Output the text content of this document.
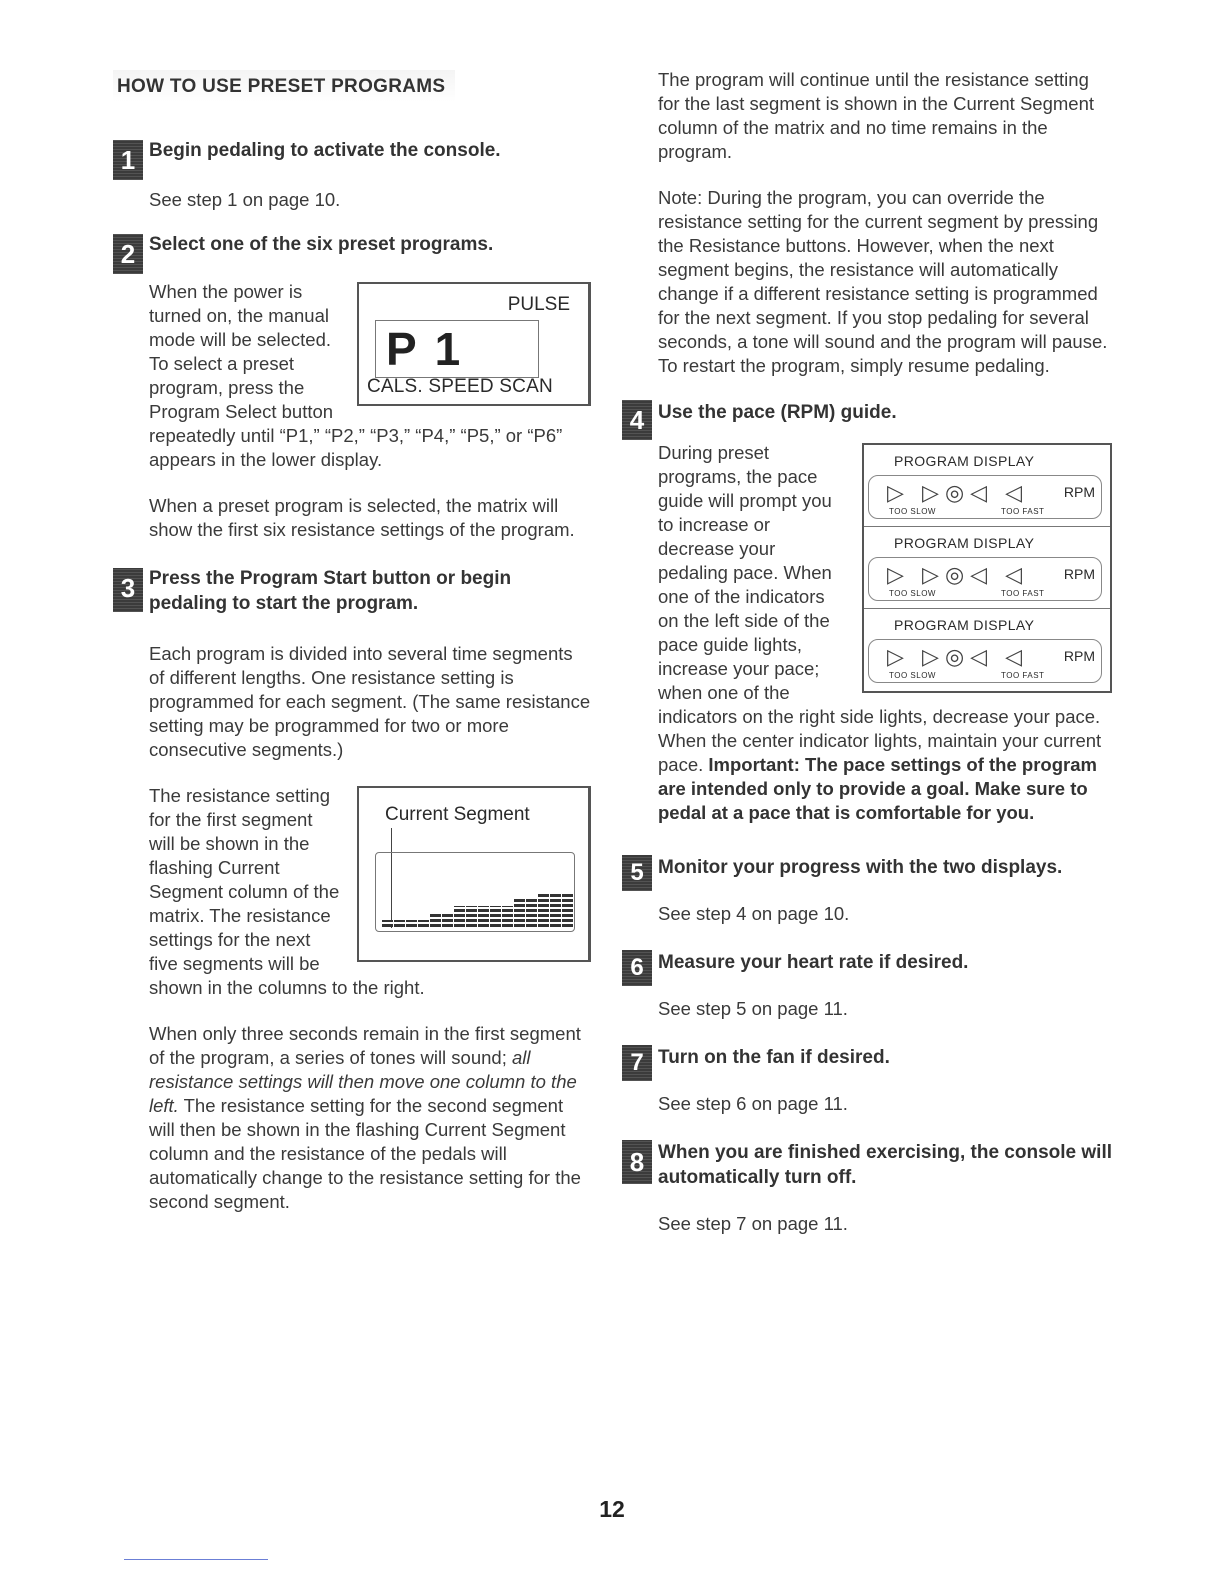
HOW TO USE PRESET PROGRAMS
1 Begin pedaling to activate the console.

See step 1 on page 10.

2 Select one of the six preset programs.
PULSE
P1
CALS. SPEED SCAN

When the power is turned on, the manual mode will be selected. To select a preset program, press the Program Select button repeatedly until “P1,” “P2,” “P3,” “P4,” “P5,” or “P6” appears in the lower display.

When a preset program is selected, the matrix will show the first six resistance settings of the program.

3 Press the Program Start button or begin pedaling to start the program.

Each program is divided into several time segments of different lengths. One resistance setting is programmed for each segment. (The same resistance setting may be programmed for two or more consecutive segments.)

Current Segment

The resistance setting for the first segment will be shown in the flashing Current Segment column of the matrix. The resistance settings for the next five segments will be shown in the columns to the right.

When only three seconds remain in the first segment of the program, a series of tones will sound; all resistance settings will then move one column to the left. The resistance setting for the second segment will then be shown in the flashing Current Segment column and the resistance of the pedals will automatically change to the resistance setting for the second segment.

The program will continue until the resistance setting for the last segment is shown in the Current Segment column of the matrix and no time remains in the program.

Note: During the program, you can override the resistance setting for the current segment by pressing the Resistance buttons. However, when the next segment begins, the resistance will automatically change if a different resistance setting is programmed for the next segment. If you stop pedaling for several seconds, a tone will sound and the program will pause. To restart the program, simply resume pedaling.

4 Use the pace (RPM) guide.
PROGRAM DISPLAY
▷ ▷◎◁ ◁	RPM
TOO SLOW	TOO FAST
PROGRAM DISPLAY
▷ ▷◎◁ ◁	RPM
TOO SLOW	TOO FAST
PROGRAM DISPLAY
▷ ▷◎◁ ◁	RPM
TOO SLOW	TOO FAST

During preset programs, the pace guide will prompt you to increase or decrease your pedaling pace. When one of the indicators on the left side of the pace guide lights, increase your pace; when one of the indicators on the right side lights, decrease your pace. When the center indicator lights, maintain your current pace. Important: The pace settings of the program are intended only to provide a goal. Make sure to pedal at a pace that is comfortable for you.

5 Monitor your progress with the two displays.

See step 4 on page 10.

6 Measure your heart rate if desired.

See step 5 on page 11.

7 Turn on the fan if desired.

See step 6 on page 11.

8 When you are finished exercising, the console will automatically turn off.

See step 7 on page 11.

12
